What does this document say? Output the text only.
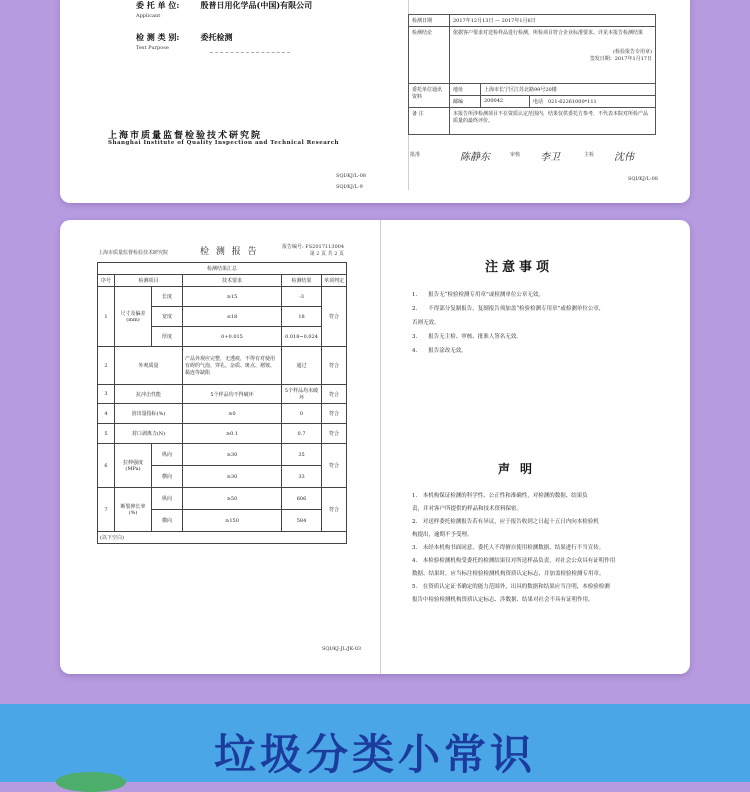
委 托 单 位:	殷普日用化学品(中国)有限公司
Applicant
检 测 类 别:	委托检测
Test Purpose
上海市质量监督检验技术研究院
Shanghai Institute of Quality Inspection and Technical Research
SQI/KJ/L-08
SQI/KJ/L-9
检测日期	2017年12月13日 — 2017年1月6日		
检测结论	依据客户要求对送检样品进行检测，所检项目符合企业标准要求。详见本报告检测结果
(检验报告专用章)
签发日期：2017年1月17日		

委托单位通讯资料	地址	上海市长宁区江苏北路99号20楼	
	邮编	200042	电话　 021-62261000*111
备 注	本报告所涉检测项目不在资质认定范围内，结果仅供委托方参考，不代表本院对所检产品质量的最终评价。		
批准	陈静东	审核 李卫	主检 沈伟
SQI/KJ/L-08
上海市质量监督检验技术研究院
报告编号: FS2017113004
第 2 页 共 2 页
检 测 报 告
检测结果汇总					
序号	检测项目		技术要求	检测结果	单项判定
1	尺寸及偏差(mm)	长度	≥15	-3	符合
		宽度	≤18	18	
		厚度	0+0.015	0.018~0.024	
2	外观质量		产品外观应完整，无透痕，不得有对使用有碍的气泡、穿孔、杂质、斑点、褶皱、黏连等缺陷	通过	符合
3	抗冲击性能		5个样品均不得破坏	5个样品均未破坏	符合
4	溶出量指标(%)		≥0	0	符合
5	封口剥离力(N)		≥0.1	0.7	符合
6	拉伸强度(MPa)	纵向	≥30	35	符合
		横向	≥30	33	
7	断裂伸长率(%)	纵向	≥50	606	符合
		横向	≥150	584	
(以下空白)					
SQI/KJ-JL/JK-03
注意事项
1.　　报告无“检验检测专用章”或检测单位公章无效。
2.　　不得部分复制报告，复制报告须加盖“检验检测专用章”或检测单位公章，
否则无效。
3.　　报告无主检、审核、批准人签名无效。
4.　　报告涂改无效。
声明
1.　本机构保证检测的科学性、公正性和准确性，对检测的数据、结果负
责，并对客户所提供的样品和技术资料保密。
2.　对送样委托检测报告若有异议，应于报告收到之日起十五日内向本检验机
构提出，逾期不予受理。
3.　未经本机构书面同意，委托人不得擅自使用检测数据、结果进行不当宣传。
4.　本检验检测机构受委托的检测结果仅对所送样品负责，对社会公众具有证明作用
数据、结果时，应当标注检验检测机构资质认定标志，并加盖检验检测专用章。
5.　在资质认定证书确定的能力范围外，出具的数据和结果应当注明，本检验检测
报告中检验检测机构资质认定标志、涉数据、结果对社会不具有证明作用。
垃圾分类小常识
